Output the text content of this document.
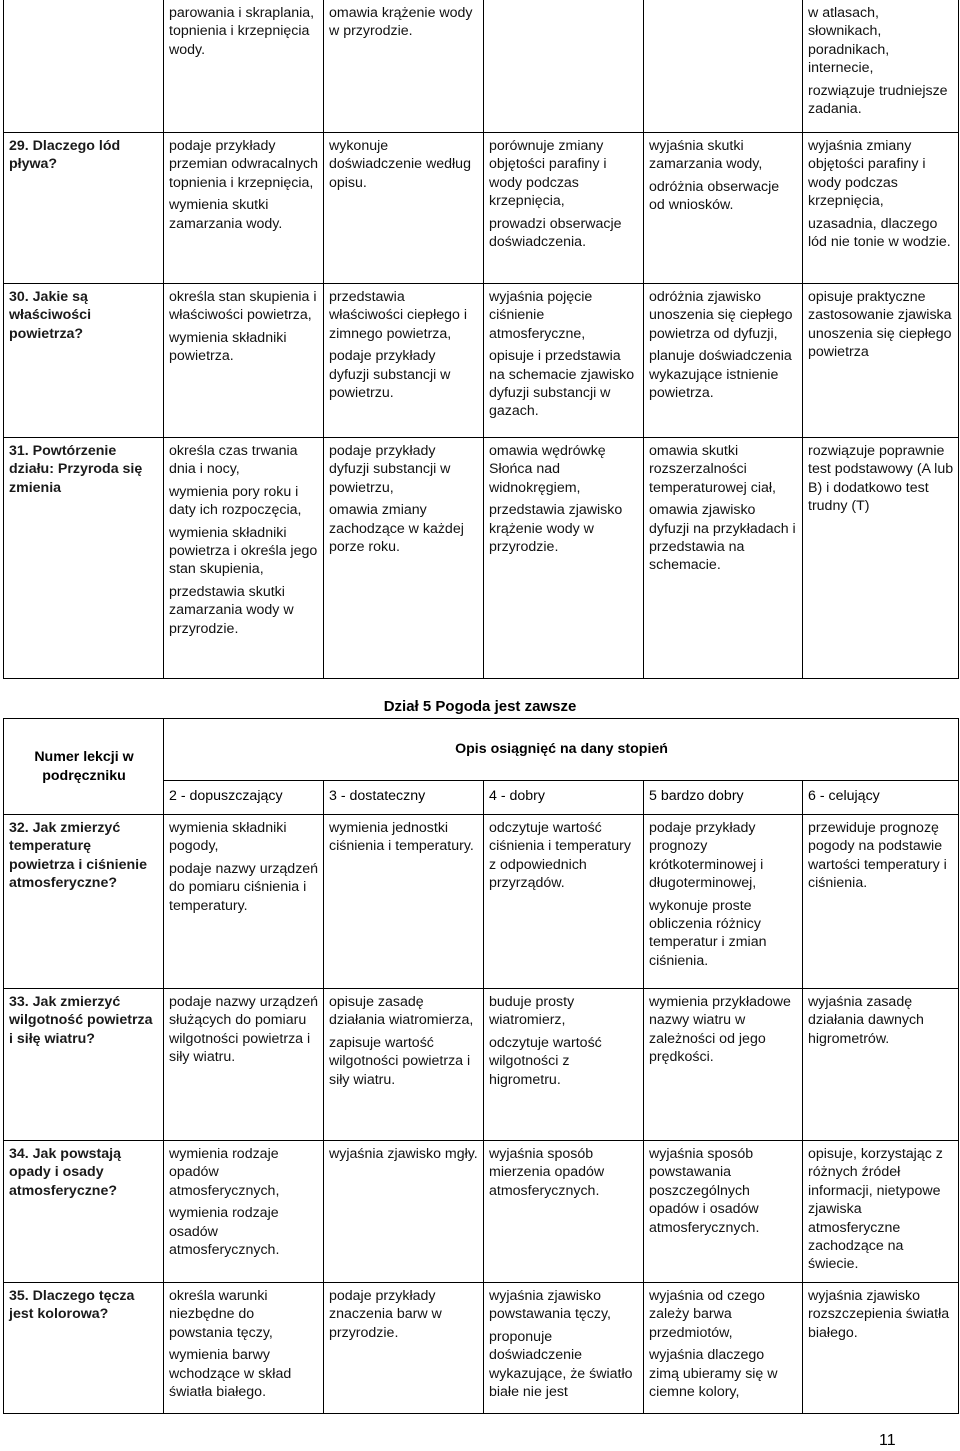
	parowania i skraplania, topnienia i krzepnięcia wody.	omawia krążenie wody w przyrodzie.			w atlasach, słownikach, poradnikach, internecie,
rozwiązuje trudniejsze zadania.

29. Dlaczego lód pływa?	podaje przykłady przemian odwracalnych topnienia i krzepnięcia,
wymienia skutki zamarzania wody.	wykonuje doświadczenie według opisu.	porównuje zmiany objętości parafiny i wody podczas krzepnięcia,
prowadzi obserwacje doświadczenia.	wyjaśnia skutki zamarzania wody,
odróżnia obserwacje od wniosków.	wyjaśnia zmiany objętości parafiny i wody podczas krzepnięcia,
uzasadnia, dlaczego lód nie tonie w wodzie.

30. Jakie są właściwości powietrza?	określa stan skupienia i właściwości powietrza,
wymienia składniki powietrza.	przedstawia właściwości ciepłego i zimnego powietrza,
podaje przykłady dyfuzji substancji w powietrzu.	wyjaśnia pojęcie ciśnienie atmosferyczne,
opisuje i przedstawia na schemacie zjawisko dyfuzji substancji w gazach.	odróżnia zjawisko unoszenia się ciepłego powietrza od dyfuzji,
planuje doświadczenia wykazujące istnienie powietrza.	opisuje praktyczne zastosowanie zjawiska unoszenia się ciepłego powietrza

31. Powtórzenie działu: Przyroda się zmienia	określa czas trwania dnia i nocy,
wymienia pory roku i daty ich rozpoczęcia,
wymienia składniki powietrza i określa jego stan skupienia,
przedstawia skutki zamarzania wody w przyrodzie.	podaje przykłady dyfuzji substancji w powietrzu,
omawia zmiany zachodzące w każdej porze roku.	omawia wędrówkę Słońca nad widnokręgiem,
przedstawia zjawisko krążenie wody w przyrodzie.	omawia skutki rozszerzalności temperaturowej ciał,
omawia zjawisko dyfuzji na przykładach i przedstawia na schemacie.	rozwiązuje poprawnie test podstawowy (A lub B) i dodatkowo test trudny (T)
Dział 5 Pogoda jest zawsze
Numer lekcji w podręczniku	Opis osiągnięć na dany stopień				
	2 - dopuszczający	3 - dostateczny	4 - dobry	5 bardzo dobry	6 - celujący
32. Jak zmierzyć temperaturę powietrza i ciśnienie atmosferyczne?	wymienia składniki pogody,
podaje nazwy urządzeń do pomiaru ciśnienia i temperatury.	wymienia jednostki ciśnienia i temperatury.	odczytuje wartość ciśnienia i temperatury z odpowiednich przyrządów.	podaje przykłady prognozy krótkoterminowej i długoterminowej,
wykonuje proste obliczenia różnicy temperatur i zmian ciśnienia.	przewiduje prognozę pogody na podstawie wartości temperatury i ciśnienia.

33. Jak zmierzyć wilgotność powietrza i siłę wiatru?	podaje nazwy urządzeń służących do pomiaru wilgotności powietrza i siły wiatru.	opisuje zasadę działania wiatromierza,
zapisuje wartość wilgotności powietrza i siły wiatru.	buduje prosty wiatromierz,
odczytuje wartość wilgotności z higrometru.	wymienia przykładowe nazwy wiatru w zależności od jego prędkości.	wyjaśnia zasadę działania dawnych higrometrów.

34. Jak powstają opady i osady atmosferyczne?	wymienia rodzaje opadów atmosferycznych,
wymienia rodzaje osadów atmosferycznych.	wyjaśnia zjawisko mgły.	wyjaśnia sposób mierzenia opadów atmosferycznych.	wyjaśnia sposób powstawania poszczególnych opadów i osadów atmosferycznych.	opisuje, korzystając z różnych źródeł informacji, nietypowe zjawiska atmosferyczne zachodzące na świecie.

35. Dlaczego tęcza jest kolorowa?	określa warunki niezbędne do powstania tęczy,
wymienia barwy wchodzące w skład światła białego.	podaje przykłady znaczenia barw w przyrodzie.	wyjaśnia zjawisko powstawania tęczy,
proponuje doświadczenie wykazujące, że światło białe nie jest	wyjaśnia od czego zależy barwa przedmiotów,
wyjaśnia dlaczego zimą ubieramy się w ciemne kolory,	wyjaśnia zjawisko rozszczepienia światła białego.
11
